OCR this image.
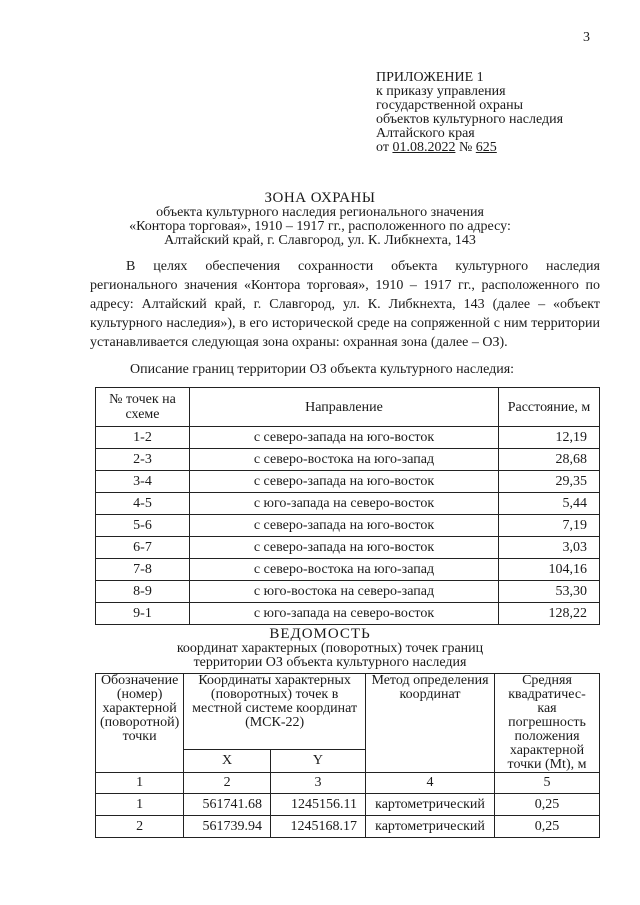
3
ПРИЛОЖЕНИЕ 1
к приказу управления
государственной охраны
объектов культурного наследия
Алтайского края
от 01.08.2022 № 625
ЗОНА ОХРАНЫ
объекта культурного наследия регионального значения
«Контора торговая», 1910 – 1917 гг., расположенного по адресу:
Алтайский край, г. Славгород, ул. К. Либкнехта, 143
В целях обеспечения сохранности объекта культурного наследия регионального значения «Контора торговая», 1910 – 1917 гг., расположенного по адресу: Алтайский край, г. Славгород, ул. К. Либкнехта, 143 (далее – «объект культурного наследия»), в его исторической среде на сопряженной с ним территории устанавливается следующая зона охраны: охранная зона (далее – ОЗ).
Описание границ территории ОЗ объекта культурного наследия:
№ точек на схеме	Направление	Расстояние, м
1-2	с северо-запада на юго-восток	12,19
2-3	с северо-востока на юго-запад	28,68
3-4	с северо-запада на юго-восток	29,35
4-5	с юго-запада на северо-восток	5,44
5-6	с северо-запада на юго-восток	7,19
6-7	с северо-запада на юго-восток	3,03
7-8	с северо-востока на юго-запад	104,16
8-9	с юго-востока на северо-запад	53,30
9-1	с юго-запада на северо-восток	128,22
ВЕДОМОСТЬ
координат характерных (поворотных) точек границ
территории ОЗ объекта культурного наследия
Обозначение (номер) характерной (поворотной) точки	Координаты характерных (поворотных) точек в местной системе координат (МСК-22)		Метод определения координат	Средняя квадратичес-кая погрешность положения характерной точки (Mt), м
	X	Y		
1	2	3	4	5
1	561741.68	1245156.11	картометрический	0,25
2	561739.94	1245168.17	картометрический	0,25
